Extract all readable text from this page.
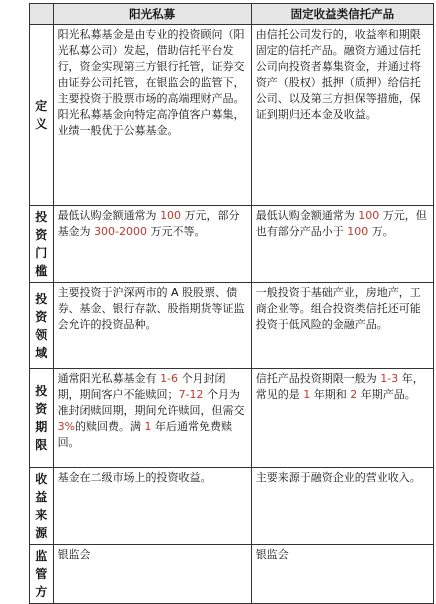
	阳光私募	固定收益类信托产品

定
义	阳光私募基金是由专业的投资顾问（阳光私募公司）发起，借助信托平台发行，资金实现第三方银行托管，证券交由证券公司托管，在银监会的监管下，主要投资于股票市场的高端理财产品。阳光私募基金向特定高净值客户募集，业绩一般优于公募基金。	由信托公司发行的，收益率和期限固定的信托产品。融资方通过信托公司向投资者募集资金，并通过将资产（股权）抵押（质押）给信托公司、以及第三方担保等措施，保证到期归还本金及收益。

投
资
门
槛	最低认购金额通常为 100 万元，部分基金为 300-2000 万元不等。	最低认购金额通常为 100 万元，但也有部分产品小于 100 万。

投
资
领
域	主要投资于沪深两市的 A 股股票、债券、基金、银行存款、股指期货等证监会允许的投资品种。	一般投资于基础产业，房地产，工商企业等。组合投资类信托还可能投资于低风险的金融产品。

投
资
期
限	通常阳光私募基金有 1-6 个月封闭期，期间客户不能赎回；7-12 个月为准封闭赎回期，期间允许赎回，但需交 3%的赎回费。满 1 年后通常免费赎回。	信托产品投资期限一般为 1-3 年，常见的是 1 年期和 2 年期产品。

收
益
来
源	基金在二级市场上的投资收益。	主要来源于融资企业的营业收入。

监
管
方	银监会	银监会
